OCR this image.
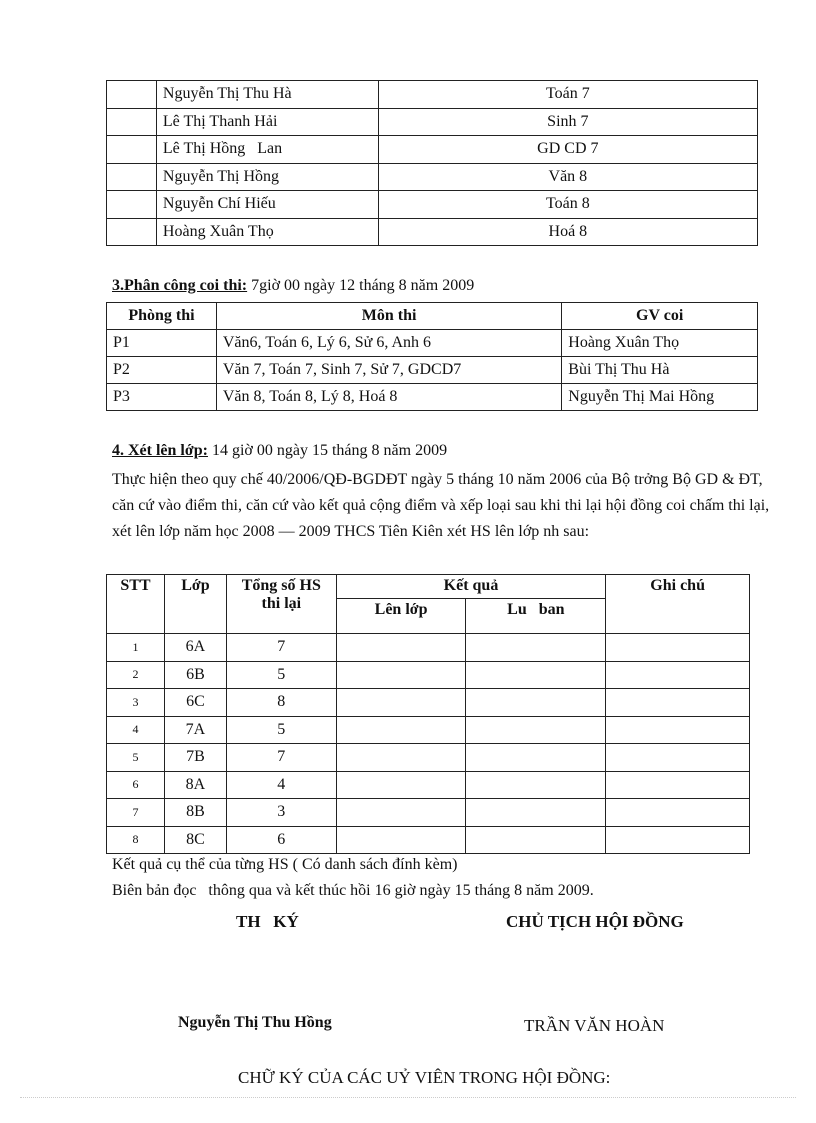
	Nguyễn Thị Thu Hà	Toán 7
	Lê Thị Thanh Hải	Sinh 7
	Lê Thị Hồng   Lan	GD CD 7
	Nguyễn Thị Hồng	Văn 8
	Nguyễn Chí Hiếu	Toán 8
	Hoàng Xuân Thọ	Hoá 8
3.Phân công coi thi: 7giờ 00 ngày 12 tháng 8 năm 2009
Phòng thi	Môn thi	GV coi
P1	Văn6, Toán 6, Lý 6, Sử 6, Anh 6	Hoàng Xuân Thọ
P2	Văn 7, Toán 7, Sinh 7, Sử 7, GDCD7	Bùi Thị Thu Hà
P3	Văn 8, Toán 8, Lý 8, Hoá 8	Nguyễn Thị Mai Hồng
4. Xét lên lớp: 14 giờ 00 ngày 15 tháng 8 năm 2009

Thực hiện theo quy chế 40/2006/QĐ-BGDĐT ngày 5 tháng 10 năm 2006 của Bộ trởng Bộ GD & ĐT, căn cứ vào điểm thi, căn cứ vào kết quả cộng điểm và xếp loại sau khi thi lại hội đồng coi chấm thi lại, xét lên lớp năm học 2008 — 2009 THCS Tiên Kiên xét HS lên lớp nh sau:

STT	Lớp	Tổng số HS thi lại	Kết quả		Ghi chú
			Lên lớp	Lu   ban	
1	6A	7			
2	6B	5			
3	6C	8			
4	7A	5			
5	7B	7			
6	8A	4			
7	8B	3			
8	8C	6			
Kết quả cụ thể của từng HS ( Có danh sách đính kèm)
Biên bản đọc   thông qua và kết thúc hồi 16 giờ ngày 15 tháng 8 năm 2009.
TH   KÝ	CHỦ TỊCH HỘI ĐỒNG
Nguyễn Thị Thu Hồng	TRẦN VĂN HOÀN
CHỮ KÝ CỦA CÁC UỶ VIÊN TRONG HỘI ĐỒNG:
